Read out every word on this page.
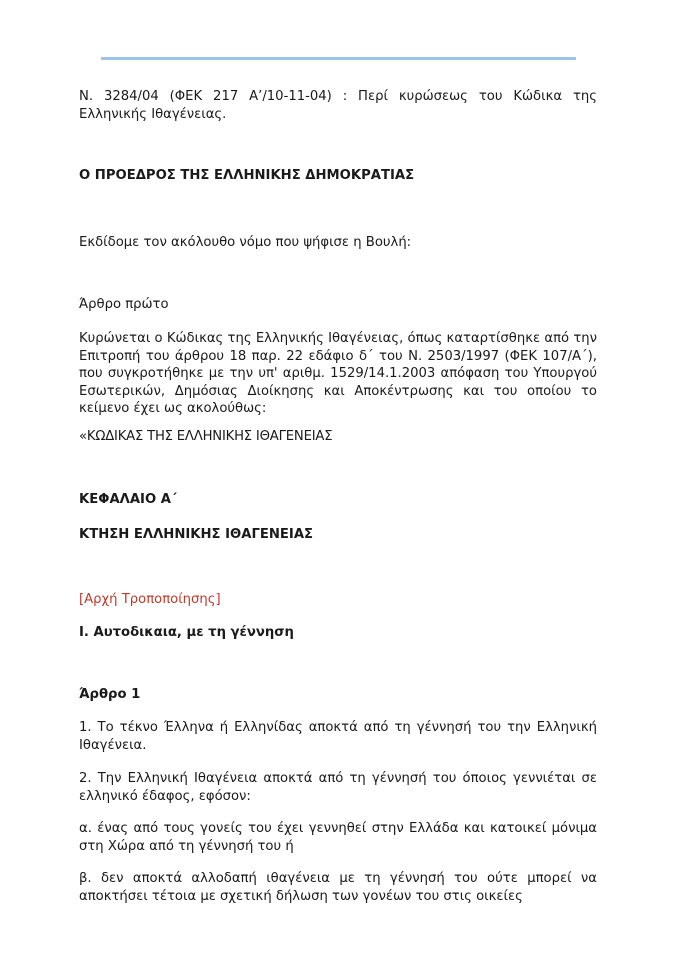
Ν. 3284/04 (ΦΕΚ 217 Α’/10-11-04) : Περί κυρώσεως του Κώδικα της Ελληνικής Ιθαγένειας.

Ο ΠΡΟΕΔΡΟΣ ΤΗΣ ΕΛΛΗΝΙΚΗΣ ΔΗΜΟΚΡΑΤΙΑΣ

Εκδίδομε τον ακόλουθο νόμο που ψήφισε η Βουλή:

Άρθρο πρώτο

Κυρώνεται ο Κώδικας της Ελληνικής Ιθαγένειας, όπως καταρτίσθηκε από την Επιτροπή του άρθρου 18 παρ. 22 εδάφιο δ΄ του Ν. 2503/1997 (ΦΕΚ 107/Α΄), που συγκροτήθηκε με την υπ' αριθμ. 1529/14.1.2003 απόφαση του Υπουργού Εσωτερικών, Δημόσιας Διοίκησης και Αποκέντρωσης και του οποίου το κείμενο έχει ως ακολούθως:

«ΚΩΔΙΚΑΣ ΤΗΣ ΕΛΛΗΝΙΚΗΣ ΙΘΑΓΕΝΕΙΑΣ

ΚΕΦΑΛΑΙΟ Α΄

ΚΤΗΣΗ ΕΛΛΗΝΙΚΗΣ ΙΘΑΓΕΝΕΙΑΣ

[Αρχή Τροποποίησης]

Ι. Αυτοδικαια, με τη γέννηση

Άρθρο 1

1. Το τέκνο Έλληνα ή Ελληνίδας αποκτά από τη γέννησή του την Ελληνική Ιθαγένεια.

2. Την Ελληνική Ιθαγένεια αποκτά από τη γέννησή του όποιος γεννιέται σε ελληνικό έδαφος, εφόσον:

α. ένας από τους γονείς του έχει γεννηθεί στην Ελλάδα και κατοικεί μόνιμα στη Χώρα από τη γέννησή του ή

β. δεν αποκτά αλλοδαπή ιθαγένεια με τη γέννησή του ούτε μπορεί να αποκτήσει τέτοια με σχετική δήλωση των γονέων του στις οικείες
